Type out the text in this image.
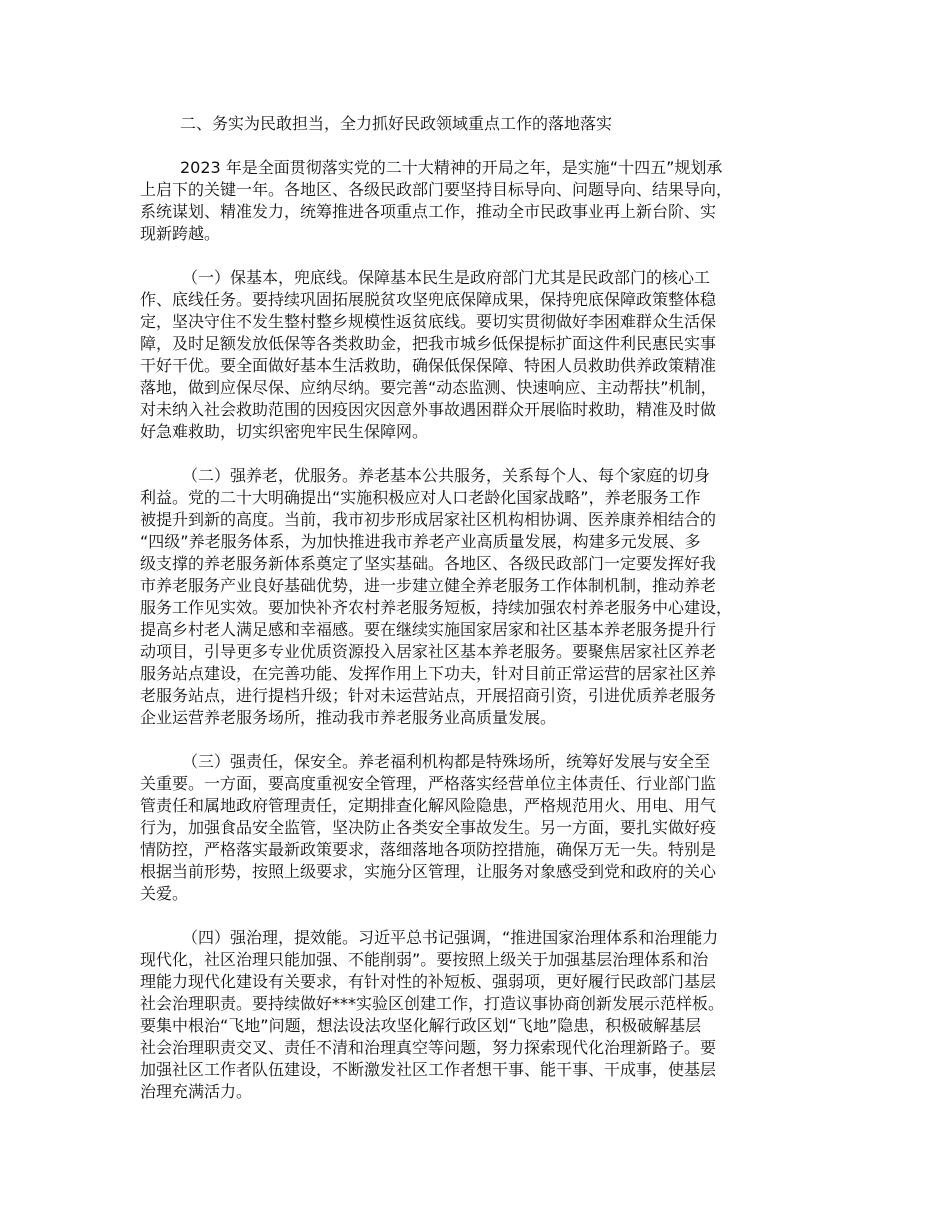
二、务实为民敢担当，全力抓好民政领域重点工作的落地落实
2023 年是全面贯彻落实党的二十大精神的开局之年，是实施“十四五”规划承
上启下的关键一年。各地区、各级民政部门要坚持目标导向、问题导向、结果导向，
系统谋划、精准发力，统筹推进各项重点工作，推动全市民政事业再上新台阶、实
现新跨越。
（一）保基本，兜底线。保障基本民生是政府部门尤其是民政部门的核心工
作、底线任务。要持续巩固拓展脱贫攻坚兜底保障成果，保持兜底保障政策整体稳
定，坚决守住不发生整村整乡规模性返贫底线。要切实贯彻做好李困难群众生活保
障，及时足额发放低保等各类救助金，把我市城乡低保提标扩面这件利民惠民实事
干好干优。要全面做好基本生活救助，确保低保保障、特困人员救助供养政策精准
落地，做到应保尽保、应纳尽纳。要完善“动态监测、快速响应、主动帮扶”机制，
对未纳入社会救助范围的因疫因灾因意外事故遇困群众开展临时救助，精准及时做
好急难救助，切实织密兜牢民生保障网。
（二）强养老，优服务。养老基本公共服务，关系每个人、每个家庭的切身
利益。党的二十大明确提出“实施积极应对人口老龄化国家战略”，养老服务工作
被提升到新的高度。当前，我市初步形成居家社区机构相协调、医养康养相结合的
“四级”养老服务体系，为加快推进我市养老产业高质量发展，构建多元发展、多
级支撑的养老服务新体系奠定了坚实基础。各地区、各级民政部门一定要发挥好我
市养老服务产业良好基础优势，进一步建立健全养老服务工作体制机制，推动养老
服务工作见实效。要加快补齐农村养老服务短板，持续加强农村养老服务中心建设，
提高乡村老人满足感和幸福感。要在继续实施国家居家和社区基本养老服务提升行
动项目，引导更多专业优质资源投入居家社区基本养老服务。要聚焦居家社区养老
服务站点建设，在完善功能、发挥作用上下功夫，针对目前正常运营的居家社区养
老服务站点，进行提档升级；针对未运营站点，开展招商引资，引进优质养老服务
企业运营养老服务场所，推动我市养老服务业高质量发展。
（三）强责任，保安全。养老福利机构都是特殊场所，统筹好发展与安全至
关重要。一方面，要高度重视安全管理，严格落实经营单位主体责任、行业部门监
管责任和属地政府管理责任，定期排查化解风险隐患，严格规范用火、用电、用气
行为，加强食品安全监管，坚决防止各类安全事故发生。另一方面，要扎实做好疫
情防控，严格落实最新政策要求，落细落地各项防控措施，确保万无一失。特别是
根据当前形势，按照上级要求，实施分区管理，让服务对象感受到党和政府的关心
关爱。
（四）强治理，提效能。习近平总书记强调，“推进国家治理体系和治理能力
现代化，社区治理只能加强、不能削弱”。要按照上级关于加强基层治理体系和治
理能力现代化建设有关要求，有针对性的补短板、强弱项，更好履行民政部门基层
社会治理职责。要持续做好***实验区创建工作，打造议事协商创新发展示范样板。
要集中根治“飞地”问题，想法设法攻坚化解行政区划“飞地”隐患，积极破解基层
社会治理职责交叉、责任不清和治理真空等问题，努力探索现代化治理新路子。要
加强社区工作者队伍建设，不断激发社区工作者想干事、能干事、干成事，使基层
治理充满活力。
